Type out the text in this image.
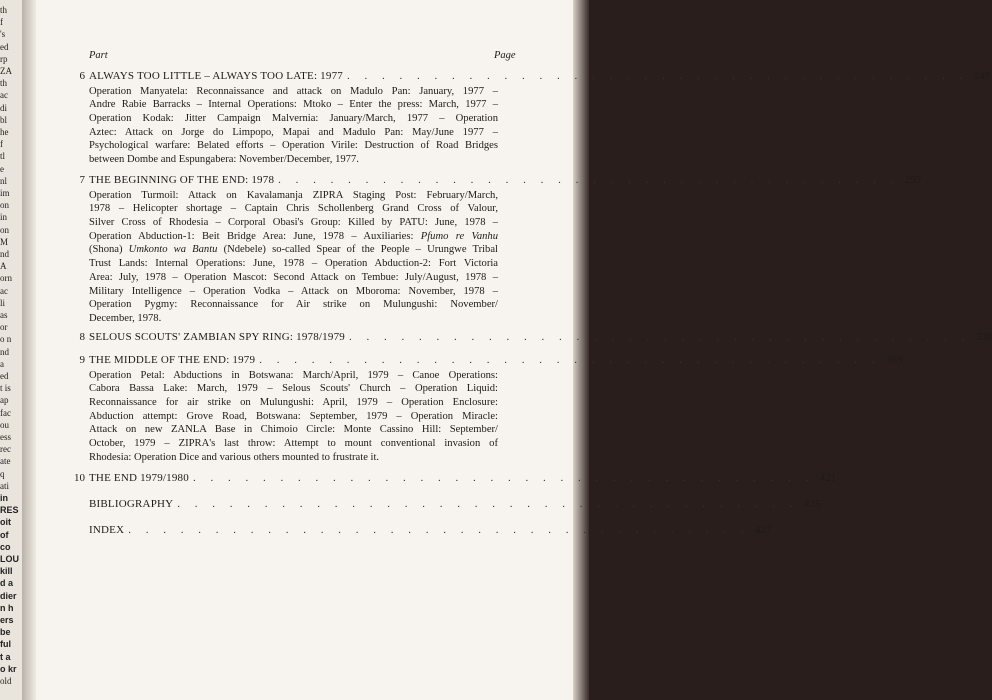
th
f
's
ed
rp
ZA
th
ac
di
bl
he
f
tl
e
nl
im
on
in
on
M
nd
A
orn
ac
li
as
or
o n
nd
a
ed
t is
ap
fac
ou
ess
rec
ate
q
ati
in
RES
oit
of
co
LOU
kill
d a
dier
n h
ers
be
ful
t a
o kr
old
Part	Page
6 ALWAYS TOO LITTLE – ALWAYS TOO LATE: 1977 . . . . . . . . . . . . . . . . . . . . . . . . . . . . . . . . . . . . 248
Operation Manyatela: Reconnaissance and attack on Madulo Pan: January, 1977 –
Andre Rabie Barracks – Internal Operations: Mtoko – Enter the press: March, 1977 –
Operation Kodak: Jitter Campaign Malvernia: January/March, 1977 – Operation
Aztec: Attack on Jorge do Limpopo, Mapai and Madulo Pan: May/June 1977 –
Psychological warfare: Belated efforts – Operation Virile: Destruction of Road Bridges
between Dombe and Espungabera: November/December, 1977.
7 THE BEGINNING OF THE END: 1978 . . . . . . . . . . . . . . . . . . . . . . . . . . . . . . . . . . . . 297
Operation Turmoil: Attack on Kavalamanja ZIPRA Staging Post: February/March,
1978 – Helicopter shortage – Captain Chris Schollenberg Grand Cross of Valour,
Silver Cross of Rhodesia – Corporal Obasi's Group: Killed by PATU: June, 1978 –
Operation Abduction-1: Beit Bridge Area: June, 1978 – Auxiliaries: Pfumo re Vanhu
(Shona) Umkonto wa Bantu (Ndebele) so-called Spear of the People – Urungwe Tribal
Trust Lands: Internal Operations: June, 1978 – Operation Abduction-2: Fort Victoria
Area: July, 1978 – Operation Mascot: Second Attack on Tembue: July/August, 1978 –
Military Intelligence – Operation Vodka – Attack on Mboroma: November, 1978 –
Operation Pygmy: Reconnaissance for Air strike on Mulungushi: November/
December, 1978.
8 SELOUS SCOUTS' ZAMBIAN SPY RING: 1978/1979 . . . . . . . . . . . . . . . . . . . . . . . . . . . . . . . . . . . . 338
9 THE MIDDLE OF THE END: 1979 . . . . . . . . . . . . . . . . . . . . . . . . . . . . . . . . . . . . 369
Operation Petal: Abductions in Botswana: March/April, 1979 – Canoe Operations:
Cabora Bassa Lake: March, 1979 – Selous Scouts' Church – Operation Liquid:
Reconnaissance for air strike on Mulungushi: April, 1979 – Operation Enclosure:
Abduction attempt: Grove Road, Botswana: September, 1979 – Operation Miracle:
Attack on new ZANLA Base in Chimoio Circle: Monte Cassino Hill: September/
October, 1979 – ZIPRA's last throw: Attempt to mount conventional invasion of
Rhodesia: Operation Dice and various others mounted to frustrate it.
10 THE END 1979/1980 . . . . . . . . . . . . . . . . . . . . . . . . . . . . . . . . . . . . 421
BIBLIOGRAPHY . . . . . . . . . . . . . . . . . . . . . . . . . . . . . . . . . . . . 425
INDEX . . . . . . . . . . . . . . . . . . . . . . . . . . . . . . . . . . . . 427
